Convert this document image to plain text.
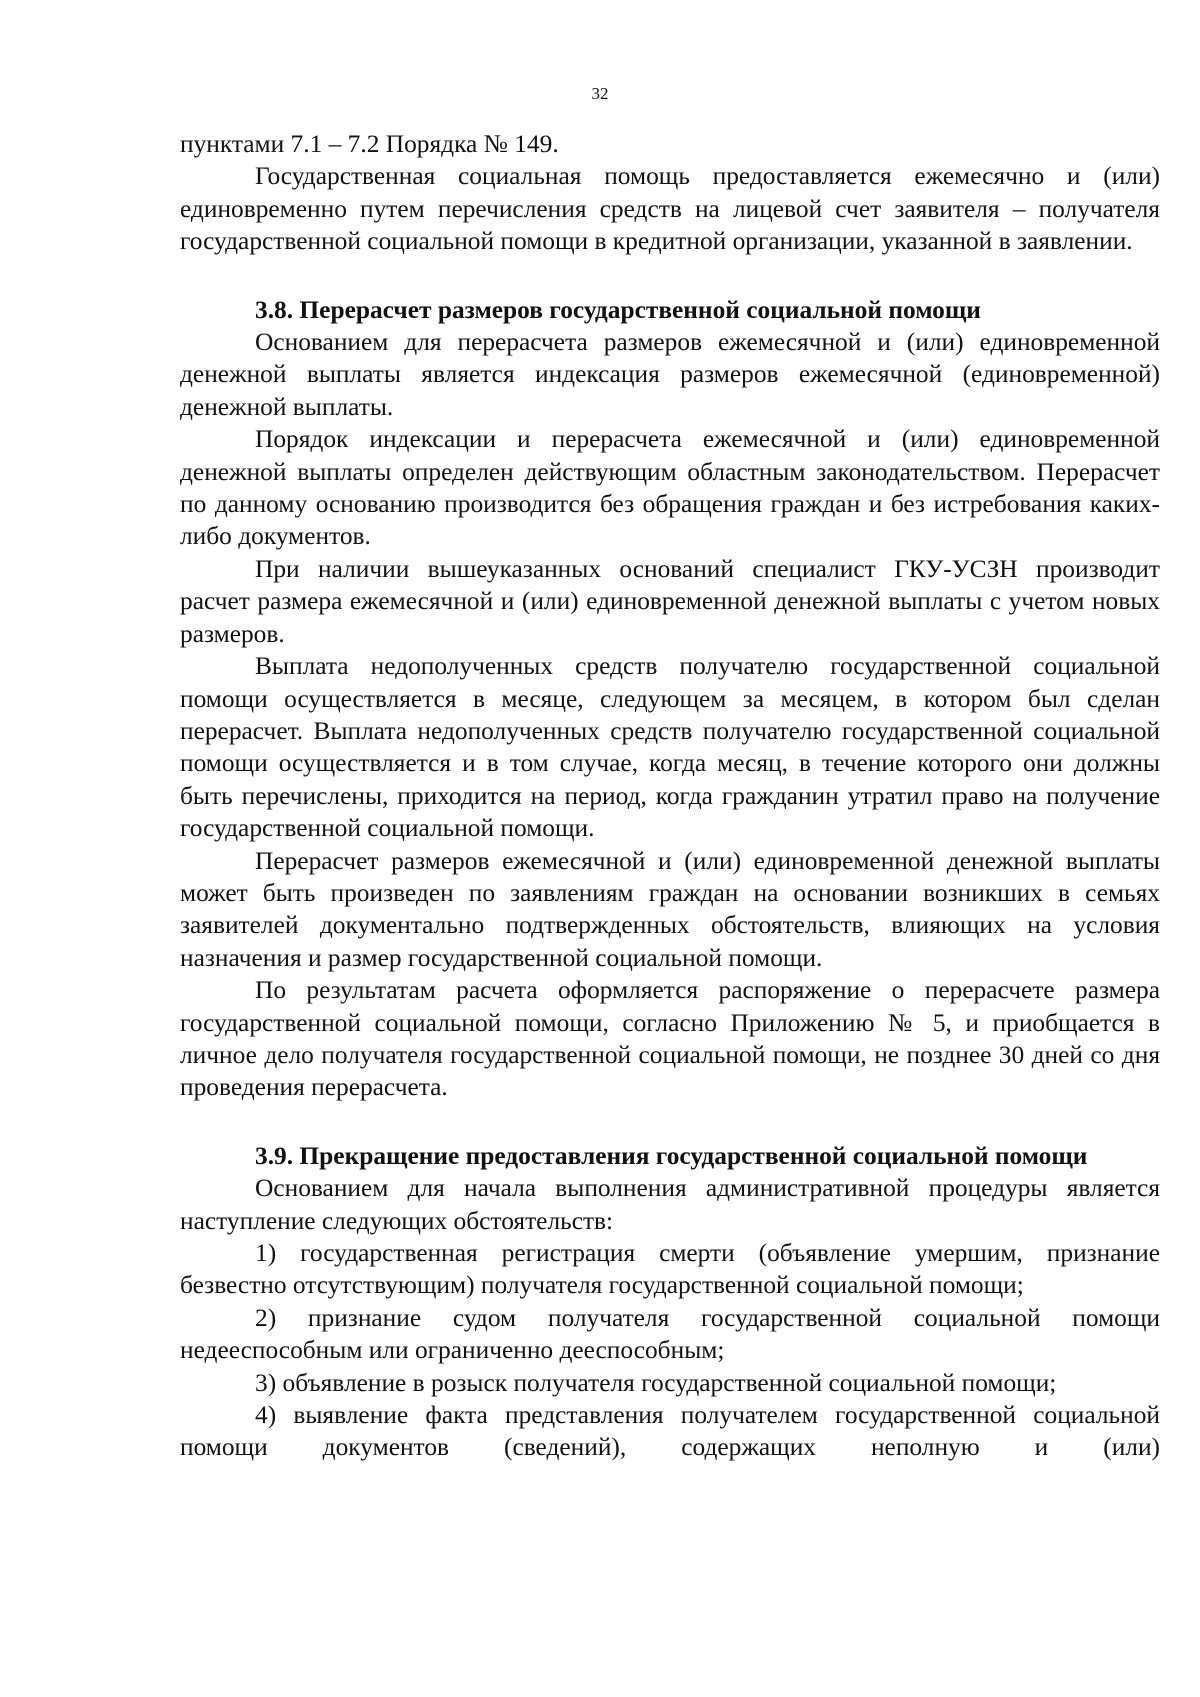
32

пунктами 7.1 – 7.2 Порядка № 149.

Государственная социальная помощь предоставляется ежемесячно и (или) единовременно путем перечисления средств на лицевой счет заявителя – получателя государственной социальной помощи в кредитной организации, указанной в заявлении.

3.8. Перерасчет размеров государственной социальной помощи

Основанием для перерасчета размеров ежемесячной и (или) единовременной денежной выплаты является индексация размеров ежемесячной (единовременной) денежной выплаты.

Порядок индексации и перерасчета ежемесячной и (или) единовременной денежной выплаты определен действующим областным законодательством. Перерасчет по данному основанию производится без обращения граждан и без истребования каких-либо документов.

При наличии вышеуказанных оснований специалист ГКУ-УСЗН производит расчет размера ежемесячной и (или) единовременной денежной выплаты с учетом новых размеров.

Выплата недополученных средств получателю государственной социальной помощи осуществляется в месяце, следующем за месяцем, в котором был сделан перерасчет. Выплата недополученных средств получателю государственной социальной помощи осуществляется и в том случае, когда месяц, в течение которого они должны быть перечислены, приходится на период, когда гражданин утратил право на получение государственной социальной помощи.

Перерасчет размеров ежемесячной и (или) единовременной денежной выплаты может быть произведен по заявлениям граждан на основании возникших в семьях заявителей документально подтвержденных обстоятельств, влияющих на условия назначения и размер государственной социальной помощи.

По результатам расчета оформляется распоряжение о перерасчете размера государственной социальной помощи, согласно Приложению № 5, и приобщается в личное дело получателя государственной социальной помощи, не позднее 30 дней со дня проведения перерасчета.

3.9. Прекращение предоставления государственной социальной помощи

Основанием для начала выполнения административной процедуры является наступление следующих обстоятельств:

1) государственная регистрация смерти (объявление умершим, признание безвестно отсутствующим) получателя государственной социальной помощи;

2) признание судом получателя государственной социальной помощи недееспособным или ограниченно дееспособным;

3) объявление в розыск получателя государственной социальной помощи;

4) выявление факта представления получателем государственной социальной помощи документов (сведений), содержащих неполную и (или)
